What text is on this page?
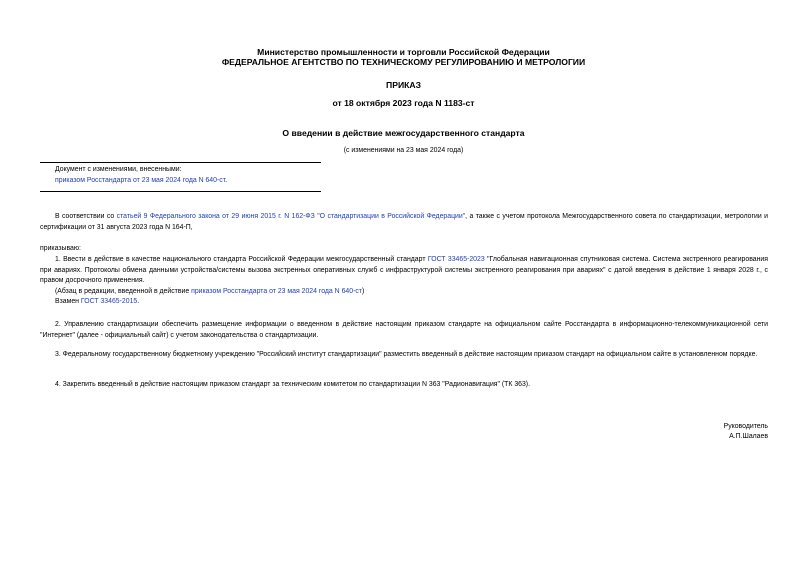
Министерство промышленности и торговли Российской Федерации
ФЕДЕРАЛЬНОЕ АГЕНТСТВО ПО ТЕХНИЧЕСКОМУ РЕГУЛИРОВАНИЮ И МЕТРОЛОГИИ
ПРИКАЗ
от 18 октября 2023 года N 1183-ст
О введении в действие межгосударственного стандарта
(с изменениями на 23 мая 2024 года)
Документ с изменениями, внесенными:
приказом Росстандарта от 23 мая 2024 года N 640-ст.
В соответствии со статьей 9 Федерального закона от 29 июня 2015 г. N 162-ФЗ "О стандартизации в Российской Федерации", а также с учетом протокола Межгосударственного совета по стандартизации, метрологии и сертификации от 31 августа 2023 года N 164-П,
приказываю:
1. Ввести в действие в качестве национального стандарта Российской Федерации межгосударственный стандарт ГОСТ 33465-2023 "Глобальная навигационная спутниковая система. Система экстренного реагирования при авариях. Протоколы обмена данными устройства/системы вызова экстренных оперативных служб с инфраструктурой системы экстренного реагирования при авариях" с датой введения в действие 1 января 2028 г., с правом досрочного применения.
(Абзац в редакции, введенной в действие приказом Росстандарта от 23 мая 2024 года N 640-ст)
Взамен ГОСТ 33465-2015.
2. Управлению стандартизации обеспечить размещение информации о введенном в действие настоящим приказом стандарте на официальном сайте Росстандарта в информационно-телекоммуникационной сети "Интернет" (далее - официальный сайт) с учетом законодательства о стандартизации.
3. Федеральному государственному бюджетному учреждению "Российский институт стандартизации" разместить введенный в действие настоящим приказом стандарт на официальном сайте в установленном порядке.
4. Закрепить введенный в действие настоящим приказом стандарт за техническим комитетом по стандартизации N 363 "Радионавигация" (ТК 363).
Руководитель
А.П.Шалаев
